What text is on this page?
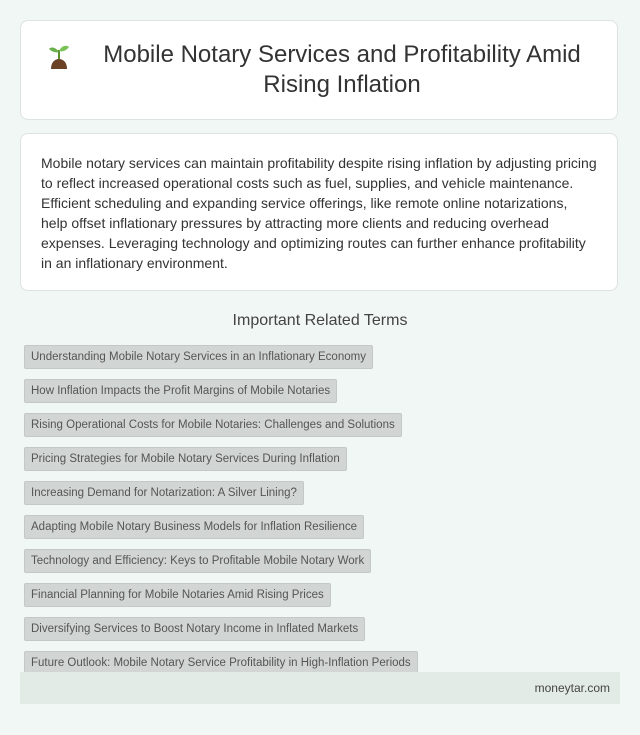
Mobile Notary Services and Profitability Amid Rising Inflation

Mobile notary services can maintain profitability despite rising inflation by adjusting pricing to reflect increased operational costs such as fuel, supplies, and vehicle maintenance. Efficient scheduling and expanding service offerings, like remote online notarizations, help offset inflationary pressures by attracting more clients and reducing overhead expenses. Leveraging technology and optimizing routes can further enhance profitability in an inflationary environment.

Important Related Terms
Understanding Mobile Notary Services in an Inflationary Economy
How Inflation Impacts the Profit Margins of Mobile Notaries
Rising Operational Costs for Mobile Notaries: Challenges and Solutions
Pricing Strategies for Mobile Notary Services During Inflation
Increasing Demand for Notarization: A Silver Lining?
Adapting Mobile Notary Business Models for Inflation Resilience
Technology and Efficiency: Keys to Profitable Mobile Notary Work
Financial Planning for Mobile Notaries Amid Rising Prices
Diversifying Services to Boost Notary Income in Inflated Markets
Future Outlook: Mobile Notary Service Profitability in High-Inflation Periods
moneytar.com
